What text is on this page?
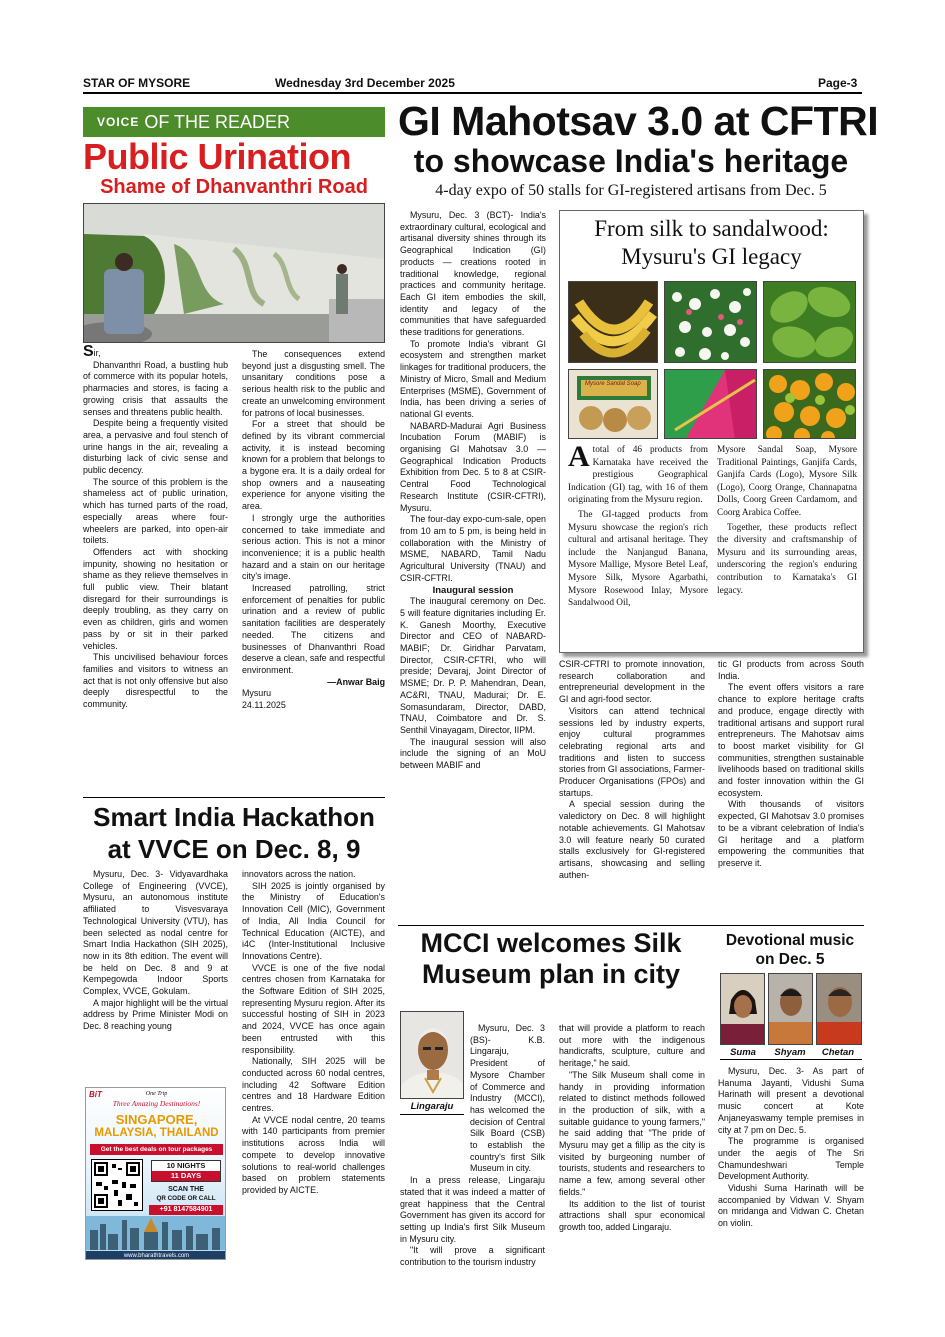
STAR OF MYSORE	Wednesday 3rd December 2025	Page-3
VOICE OF THE READER
Public Urination
Shame of Dhanvanthri Road

Sir,

Dhanvanthri Road, a bustling hub of commerce with its popular hotels, pharmacies and stores, is facing a growing crisis that assaults the senses and threatens public health.

Despite being a frequently visited area, a pervasive and foul stench of urine hangs in the air, revealing a disturbing lack of civic sense and public decency.

The source of this problem is the shameless act of public urination, which has turned parts of the road, especially areas where four-wheelers are parked, into open-air toilets.

Offenders act with shocking impunity, showing no hesitation or shame as they relieve themselves in full public view. Their blatant disregard for their surroundings is deeply troubling, as they carry on even as children, girls and women pass by or sit in their parked vehicles.

This uncivilised behaviour forces families and visitors to witness an act that is not only offensive but also deeply disrespectful to the community.

The consequences extend beyond just a disgusting smell. The unsanitary conditions pose a serious health risk to the public and create an unwelcoming environment for patrons of local businesses.

For a street that should be defined by its vibrant commercial activity, it is instead becoming known for a problem that belongs to a bygone era. It is a daily ordeal for shop owners and a nauseating experience for anyone visiting the area.

I strongly urge the authorities concerned to take immediate and serious action. This is not a minor inconvenience; it is a public health hazard and a stain on our heritage city's image.

Increased patrolling, strict enforcement of penalties for public urination and a review of public sanitation facilities are desperately needed. The citizens and businesses of Dhanvanthri Road deserve a clean, safe and respectful environment.

—Anwar Baig
Mysuru
24.11.2025
GI Mahotsav 3.0 at CFTRI
to showcase India's heritage
4-day expo of 50 stalls for GI-registered artisans from Dec. 5

Mysuru, Dec. 3 (BCT)- India's extraordinary cultural, ecological and artisanal diversity shines through its Geographical Indication (GI) products — creations rooted in traditional knowledge, regional practices and community heritage. Each GI item embodies the skill, identity and legacy of the communities that have safeguarded these traditions for generations.

To promote India's vibrant GI ecosystem and strengthen market linkages for traditional producers, the Ministry of Micro, Small and Medium Enterprises (MSME), Government of India, has been driving a series of national GI events.

NABARD-Madurai Agri Business Incubation Forum (MABIF) is organising GI Mahotsav 3.0 — Geographical Indication Products Exhibition from Dec. 5 to 8 at CSIR-Central Food Technological Research Institute (CSIR-CFTRI), Mysuru.

The four-day expo-cum-sale, open from 10 am to 5 pm, is being held in collaboration with the Ministry of MSME, NABARD, Tamil Nadu Agricultural University (TNAU) and CSIR-CFTRI.

Inaugural session

The inaugural ceremony on Dec. 5 will feature dignitaries including Er. K. Ganesh Moorthy, Executive Director and CEO of NABARD-MABIF; Dr. Giridhar Parvatam, Director, CSIR-CFTRI, who will preside; Devaraj, Joint Director of MSME; Dr. P. P. Mahendran, Dean, AC&RI, TNAU, Madurai; Dr. E. Somasundaram, Director, DABD, TNAU, Coimbatore and Dr. S. Senthil Vinayagam, Director, IIPM.

The inaugural session will also include the signing of an MoU between MABIF and

From silk to sandalwood:
Mysuru's GI legacy
Mysore Sandal Soap

Atotal of 46 products from Karnataka have received the prestigious Geographical Indication (GI) tag, with 16 of them originating from the Mysuru region.

The GI-tagged products from Mysuru showcase the region's rich cultural and artisanal heritage. They include the Nanjangud Banana, Mysore Mallige, Mysore Betel Leaf, Mysore Silk, Mysore Agarbathi, Mysore Rosewood Inlay, Mysore Sandalwood Oil,

Mysore Sandal Soap, Mysore Traditional Paintings, Ganjifa Cards, Ganjifa Cards (Logo), Mysore Silk (Logo), Coorg Orange, Channapatna Dolls, Coorg Green Cardamom, and Coorg Arabica Coffee.

Together, these products reflect the diversity and craftsmanship of Mysuru and its surrounding areas, underscoring the region's enduring contribution to Karnataka's GI legacy.

CSIR-CFTRI to promote innovation, research collaboration and entrepreneurial development in the GI and agri-food sector.

Visitors can attend technical sessions led by industry experts, enjoy cultural programmes celebrating regional arts and traditions and listen to success stories from GI associations, Farmer-Producer Organisations (FPOs) and startups.

A special session during the valedictory on Dec. 8 will highlight notable achievements. GI Mahotsav 3.0 will feature nearly 50 curated stalls exclusively for GI-registered artisans, showcasing and selling authen-

tic GI products from across South India.

The event offers visitors a rare chance to explore heritage crafts and produce, engage directly with traditional artisans and support rural entrepreneurs. The Mahotsav aims to boost market visibility for GI communities, strengthen sustainable livelihoods based on traditional skills and foster innovation within the GI ecosystem.

With thousands of visitors expected, GI Mahotsav 3.0 promises to be a vibrant celebration of India's GI heritage and a platform empowering the communities that preserve it.

Smart India Hackathon
at VVCE on Dec. 8, 9

Mysuru, Dec. 3- Vidyavardhaka College of Engineering (VVCE), Mysuru, an autonomous institute affiliated to Visvesvaraya Technological University (VTU), has been selected as nodal centre for Smart India Hackathon (SIH 2025), now in its 8th edition. The event will be held on Dec. 8 and 9 at Kempegowda Indoor Sports Complex, VVCE, Gokulam.

A major highlight will be the virtual address by Prime Minister Modi on Dec. 8 reaching young

innovators across the nation.

SIH 2025 is jointly organised by the Ministry of Education's Innovation Cell (MIC), Government of India, All India Council for Technical Education (AICTE), and i4C (Inter-Institutional Inclusive Innovations Centre).

VVCE is one of the five nodal centres chosen from Karnataka for the Software Edition of SIH 2025, representing Mysuru region. After its successful hosting of SIH in 2023 and 2024, VVCE has once again been entrusted with this responsibility.

Nationally, SIH 2025 will be conducted across 60 nodal centres, including 42 Software Edition centres and 18 Hardware Edition centres.

At VVCE nodal centre, 20 teams with 140 participants from premier institutions across India will compete to develop innovative solutions to real-world challenges based on problem statements provided by AICTE.

BiT	One Trip
Three Amazing Destinations!
SINGAPORE,
MALAYSIA, THAILAND
Get the best deals on tour packages
10 NIGHTS
11 DAYS
SCAN THE
QR CODE OR CALL
+91 8147584901
www.bharathtravels.com
MCCI welcomes Silk
Museum plan in city
Lingaraju
Mysuru, Dec. 3 (BS)- K.B. Lingaraju, President of Mysore Chamber of Commerce and Industry (MCCI), has welcomed the decision of Central Silk Board (CSB) to establish the country's first Silk Museum in city.

In a press release, Lingaraju stated that it was indeed a matter of great happiness that the Central Government has given its accord for setting up India's first Silk Museum in Mysuru city.

"It will prove a significant contribution to the tourism industry

that will provide a platform to reach out more with the indigenous handicrafts, sculpture, culture and heritage," he said.

"The Silk Museum shall come in handy in providing information related to distinct methods followed in the production of silk, with a suitable guidance to young farmers," he said adding that "The pride of Mysuru may get a fillip as the city is visited by burgeoning number of tourists, students and researchers to name a few, among several other fields."

Its addition to the list of tourist attractions shall spur economical growth too, added Lingaraju.

Devotional music
on Dec. 5
Suma	Shyam	Chetan

Mysuru, Dec. 3- As part of Hanuma Jayanti, Vidushi Suma Harinath will present a devotional music concert at Kote Anjaneyaswamy temple premises in city at 7 pm on Dec. 5.

The programme is organised under the aegis of The Sri Chamundeshwari Temple Development Authority.

Vidushi Suma Harinath will be accompanied by Vidwan V. Shyam on mridanga and Vidwan C. Chetan on violin.
